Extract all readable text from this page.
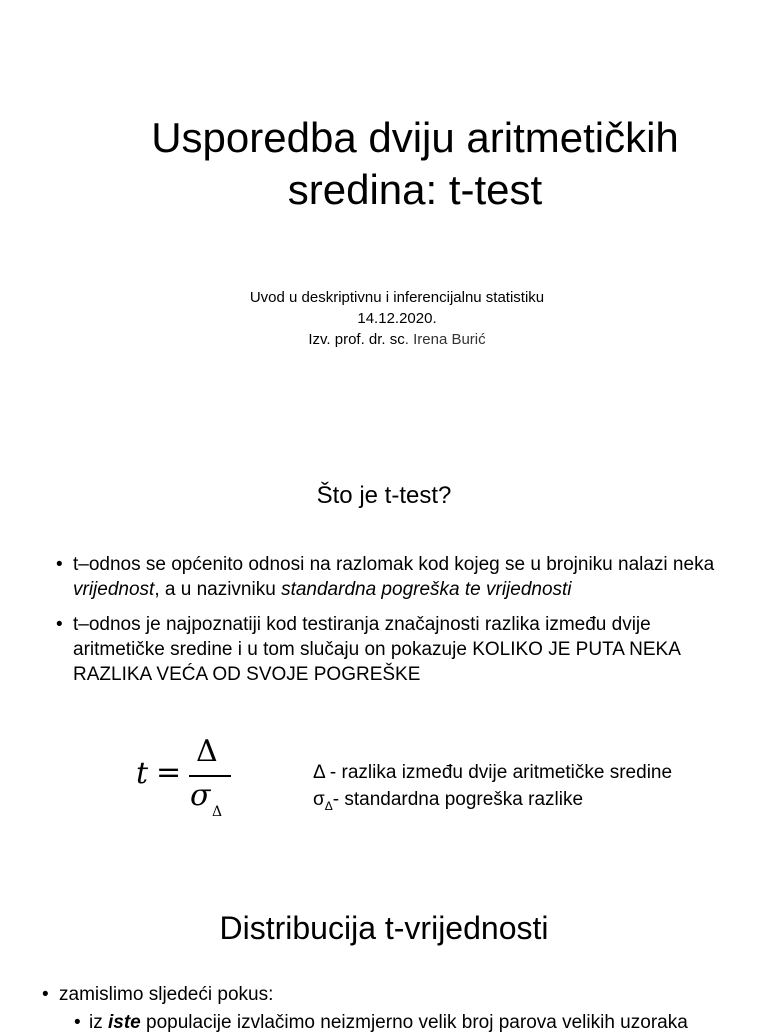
Usporedba dviju aritmetičkih sredina: t-test
Uvod u deskriptivnu i inferencijalnu statistiku
14.12.2020.
Izv. prof. dr. sc. Irena Burić
Što je t-test?
• t–odnos se općenito odnosi na razlomak kod kojeg se u brojniku nalazi neka vrijednost, a u nazivniku standardna pogreška te vrijednosti
• t–odnos je najpoznatiji kod testiranja značajnosti razlika između dvije aritmetičke sredine i u tom slučaju on pokazuje KOLIKO JE PUTA NEKA RAZLIKA VEĆA OD SVOJE POGREŠKE
t =
Δ
σ Δ
Δ - razlika između dvije aritmetičke sredine
$\sigma_\Delta-$ standardna pogreška razlike
Distribucija t-vrijednosti
• zamislimo sljedeći pokus:
• iz iste populacije izvlačimo neizmjerno velik broj parova velikih uzoraka
